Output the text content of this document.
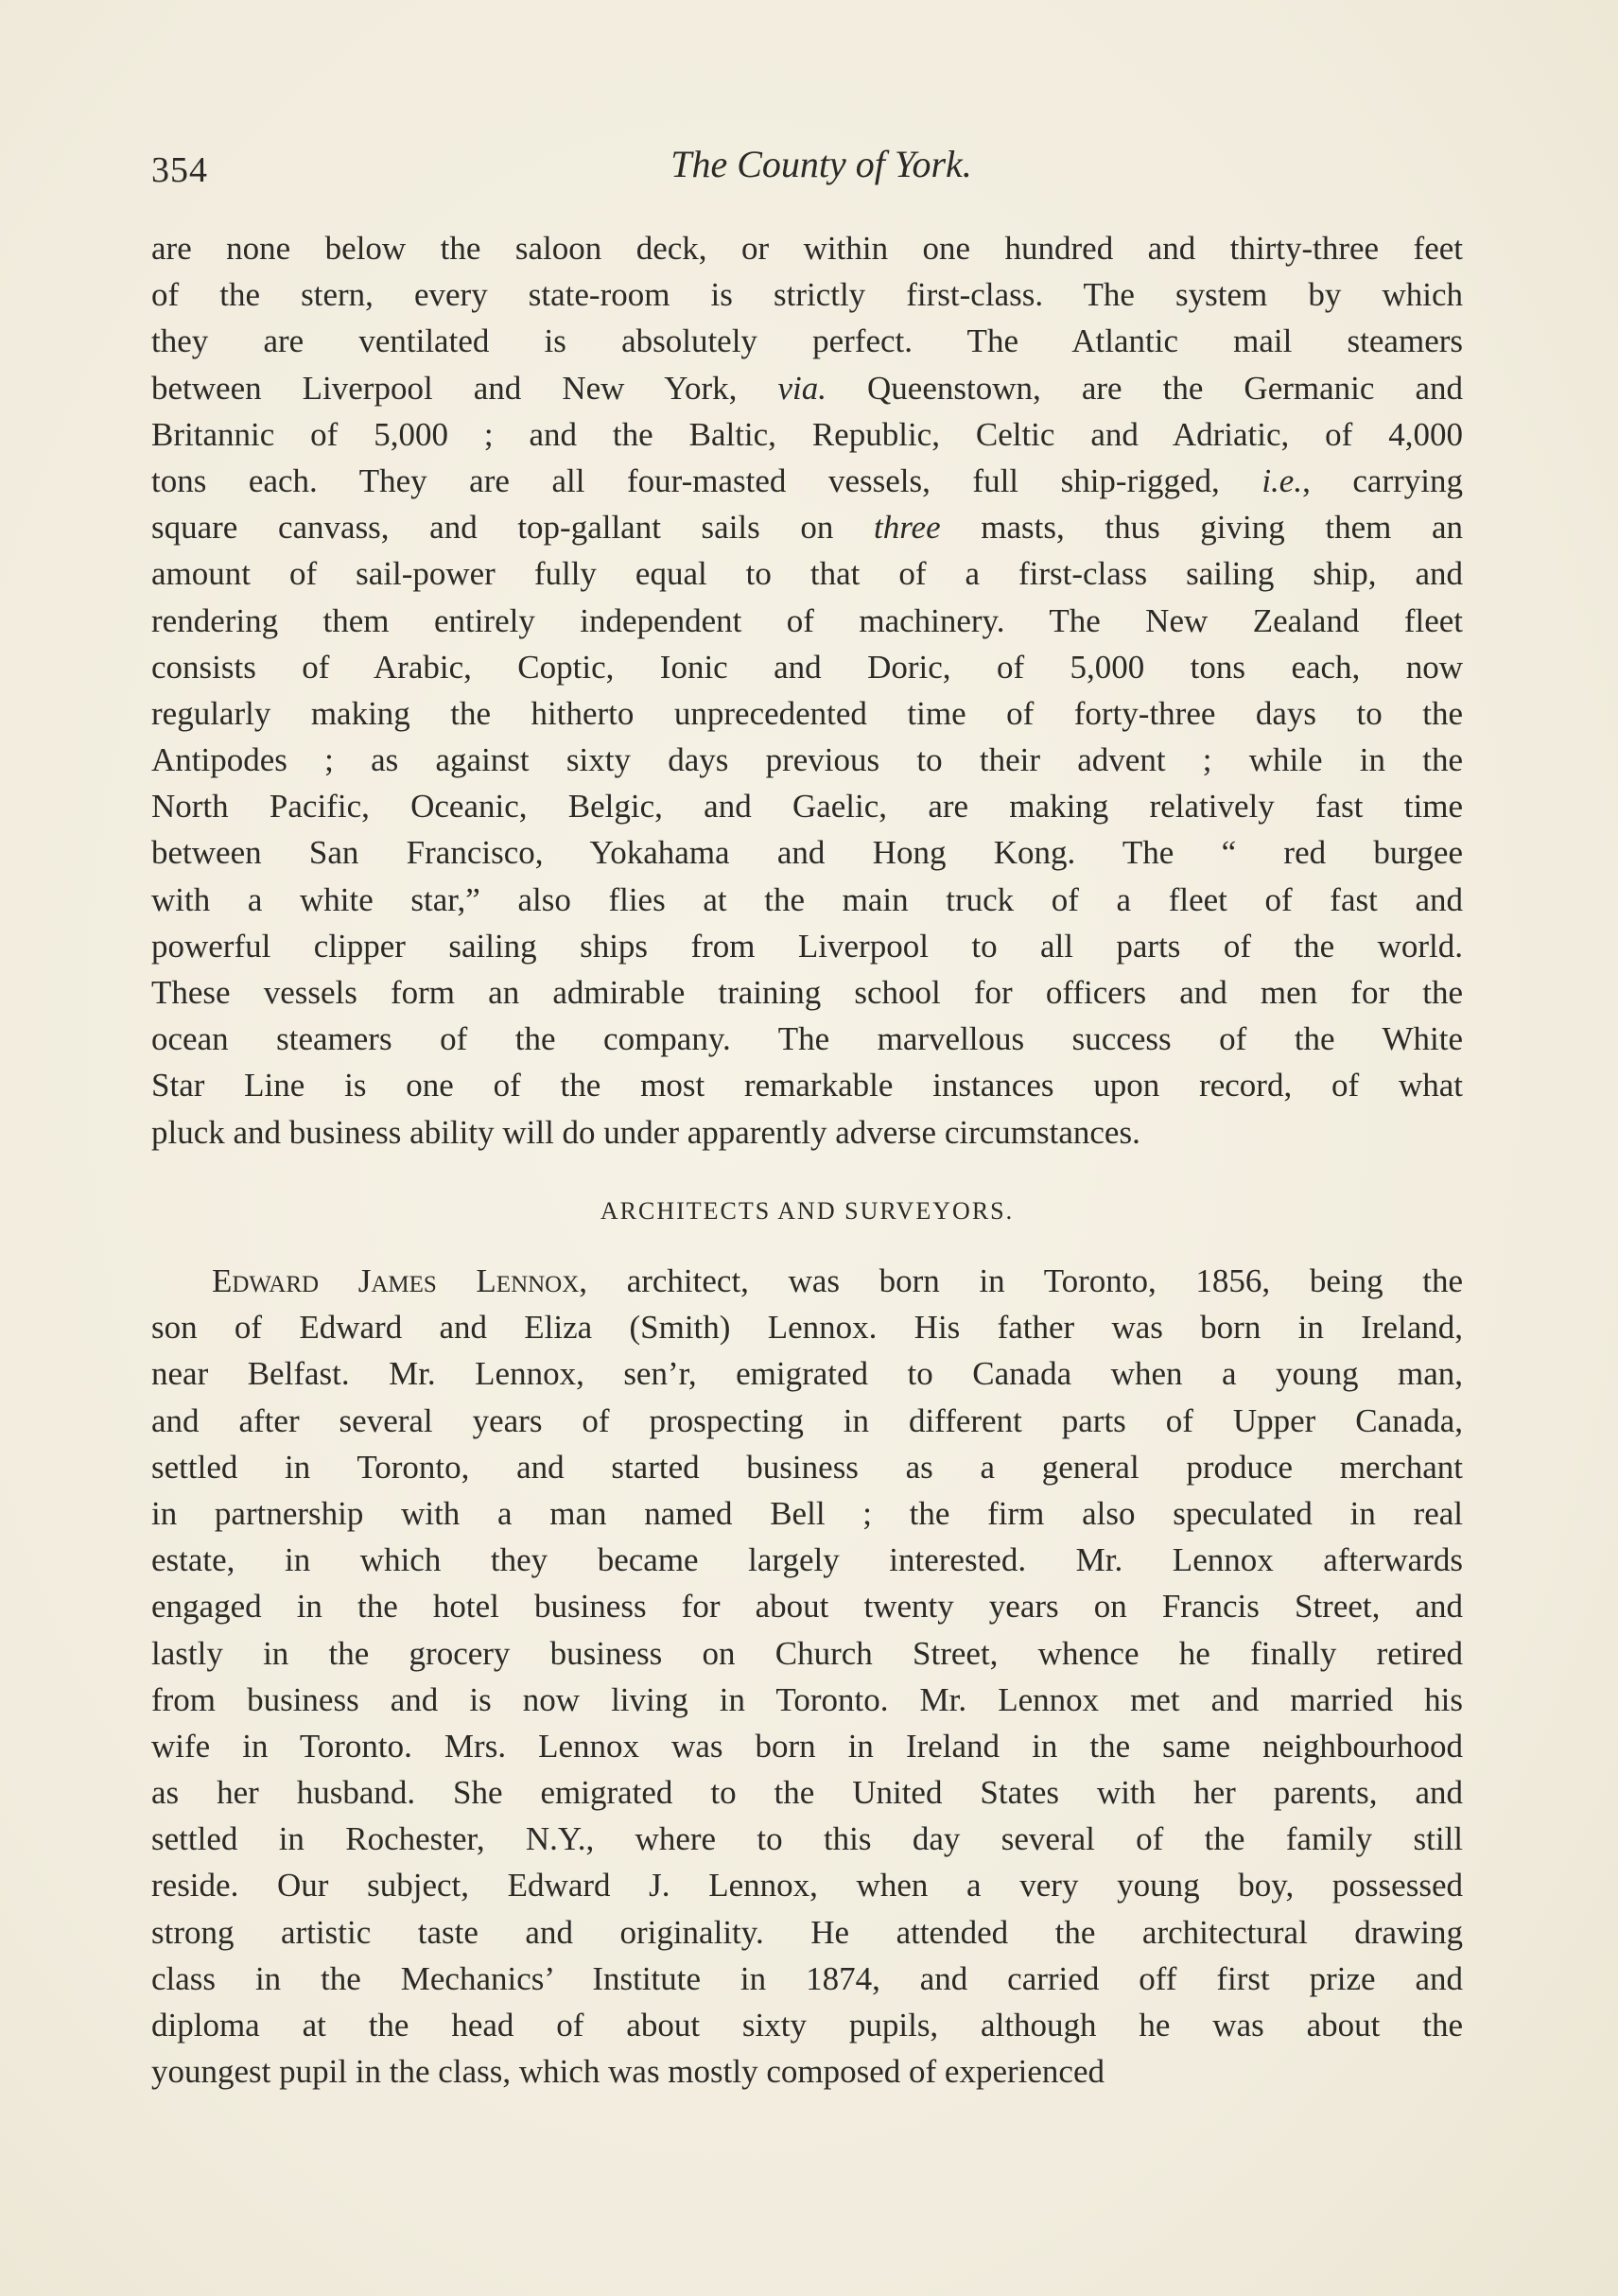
354	The County of York.
are none below the saloon deck, or within one hundred and thirty-three feet
of the stern, every state-room is strictly first-class. The system by which
they are ventilated is absolutely perfect. The Atlantic mail steamers
between Liverpool and New York, via. Queenstown, are the Germanic and
Britannic of 5,000 ; and the Baltic, Republic, Celtic and Adriatic, of 4,000
tons each. They are all four-masted vessels, full ship-rigged, i.e., carrying
square canvass, and top-gallant sails on three masts, thus giving them an
amount of sail-power fully equal to that of a first-class sailing ship, and
rendering them entirely independent of machinery. The New Zealand fleet
consists of Arabic, Coptic, Ionic and Doric, of 5,000 tons each, now
regularly making the hitherto unprecedented time of forty-three days to the
Antipodes ; as against sixty days previous to their advent ; while in the
North Pacific, Oceanic, Belgic, and Gaelic, are making relatively fast time
between San Francisco, Yokahama and Hong Kong. The “ red burgee
with a white star,” also flies at the main truck of a fleet of fast and
powerful clipper sailing ships from Liverpool to all parts of the world.
These vessels form an admirable training school for officers and men for the
ocean steamers of the company. The marvellous success of the White
Star Line is one of the most remarkable instances upon record, of what
pluck and business ability will do under apparently adverse circumstances.
ARCHITECTS AND SURVEYORS.
Edward James Lennox, architect, was born in Toronto, 1856, being the
son of Edward and Eliza (Smith) Lennox. His father was born in Ireland,
near Belfast. Mr. Lennox, sen’r, emigrated to Canada when a young man,
and after several years of prospecting in different parts of Upper Canada,
settled in Toronto, and started business as a general produce merchant
in partnership with a man named Bell ; the firm also speculated in real
estate, in which they became largely interested. Mr. Lennox afterwards
engaged in the hotel business for about twenty years on Francis Street, and
lastly in the grocery business on Church Street, whence he finally retired
from business and is now living in Toronto. Mr. Lennox met and married his
wife in Toronto. Mrs. Lennox was born in Ireland in the same neighbourhood
as her husband. She emigrated to the United States with her parents, and
settled in Rochester, N.Y., where to this day several of the family still
reside. Our subject, Edward J. Lennox, when a very young boy, possessed
strong artistic taste and originality. He attended the architectural drawing
class in the Mechanics’ Institute in 1874, and carried off first prize and
diploma at the head of about sixty pupils, although he was about the
youngest pupil in the class, which was mostly composed of experienced
